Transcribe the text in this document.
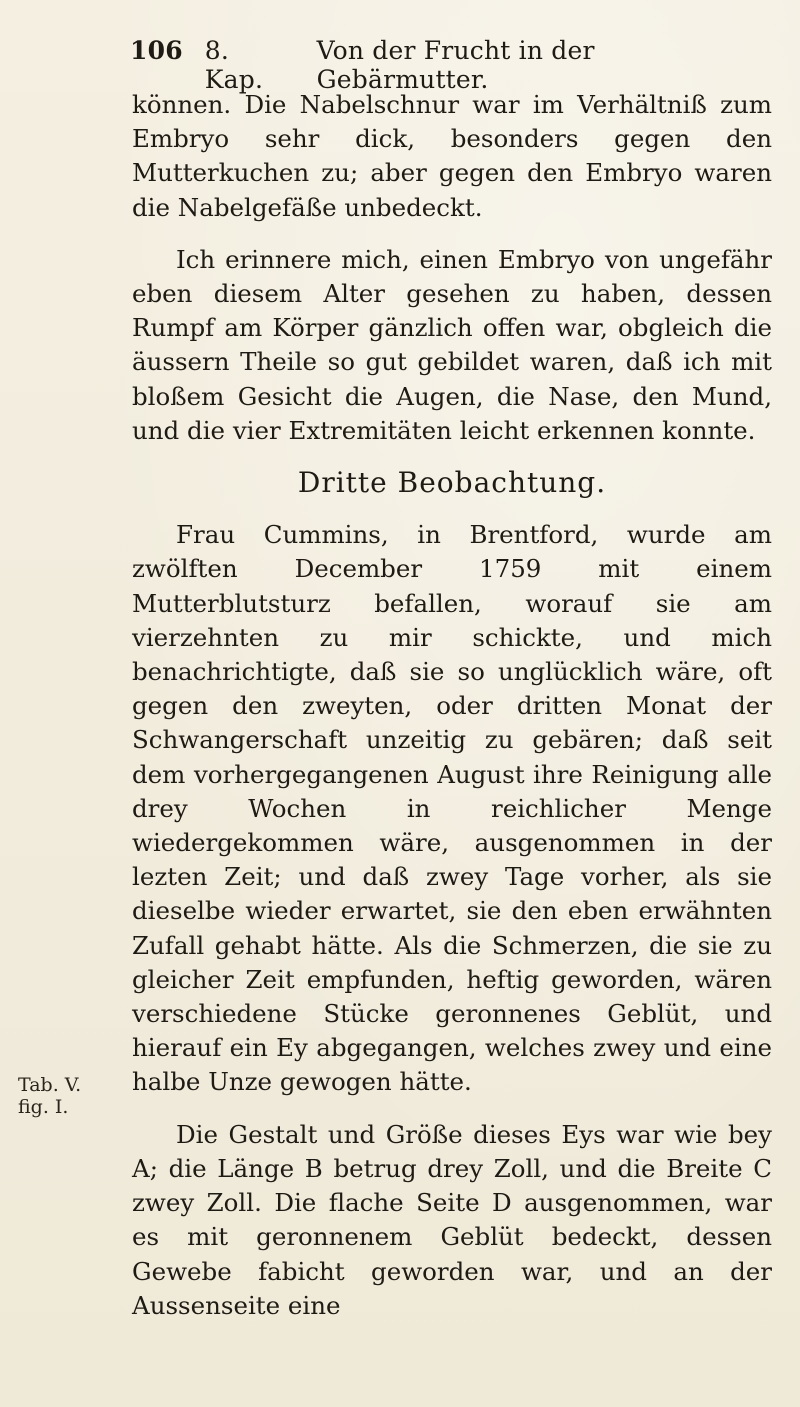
106 8. Kap.
Von der Frucht in der Gebärmutter.
Tab. V.
fig. I.

können. Die Nabelschnur war im Verhältniß zum Embryo sehr dick, besonders gegen den Mutterkuchen zu; aber gegen den Embryo waren die Nabelgefäße unbedeckt.

Ich erinnere mich, einen Embryo von ungefähr eben diesem Alter gesehen zu haben, dessen Rumpf am Körper gänzlich offen war, obgleich die äussern Theile so gut gebildet waren, daß ich mit bloßem Gesicht die Augen, die Nase, den Mund, und die vier Extremitäten leicht erkennen konnte.

Dritte Beobachtung.

Frau Cummins, in Brentford, wurde am zwölften December 1759 mit einem Mutterblutsturz befallen, worauf sie am vierzehnten zu mir schickte, und mich benachrichtigte, daß sie so unglücklich wäre, oft gegen den zweyten, oder dritten Monat der Schwangerschaft unzeitig zu gebären; daß seit dem vorhergegangenen August ihre Reinigung alle drey Wochen in reichlicher Menge wiedergekommen wäre, ausgenommen in der lezten Zeit; und daß zwey Tage vorher, als sie dieselbe wieder erwartet, sie den eben erwähnten Zufall gehabt hätte. Als die Schmerzen, die sie zu gleicher Zeit empfunden, heftig geworden, wären verschiedene Stücke geronnenes Geblüt, und hierauf ein Ey abgegangen, welches zwey und eine halbe Unze gewogen hätte.

Die Gestalt und Größe dieses Eys war wie bey A; die Länge B betrug drey Zoll, und die Breite C zwey Zoll. Die flache Seite D ausgenommen, war es mit geronnenem Geblüt bedeckt, dessen Gewebe fabicht geworden war, und an der Aussenseite eine
